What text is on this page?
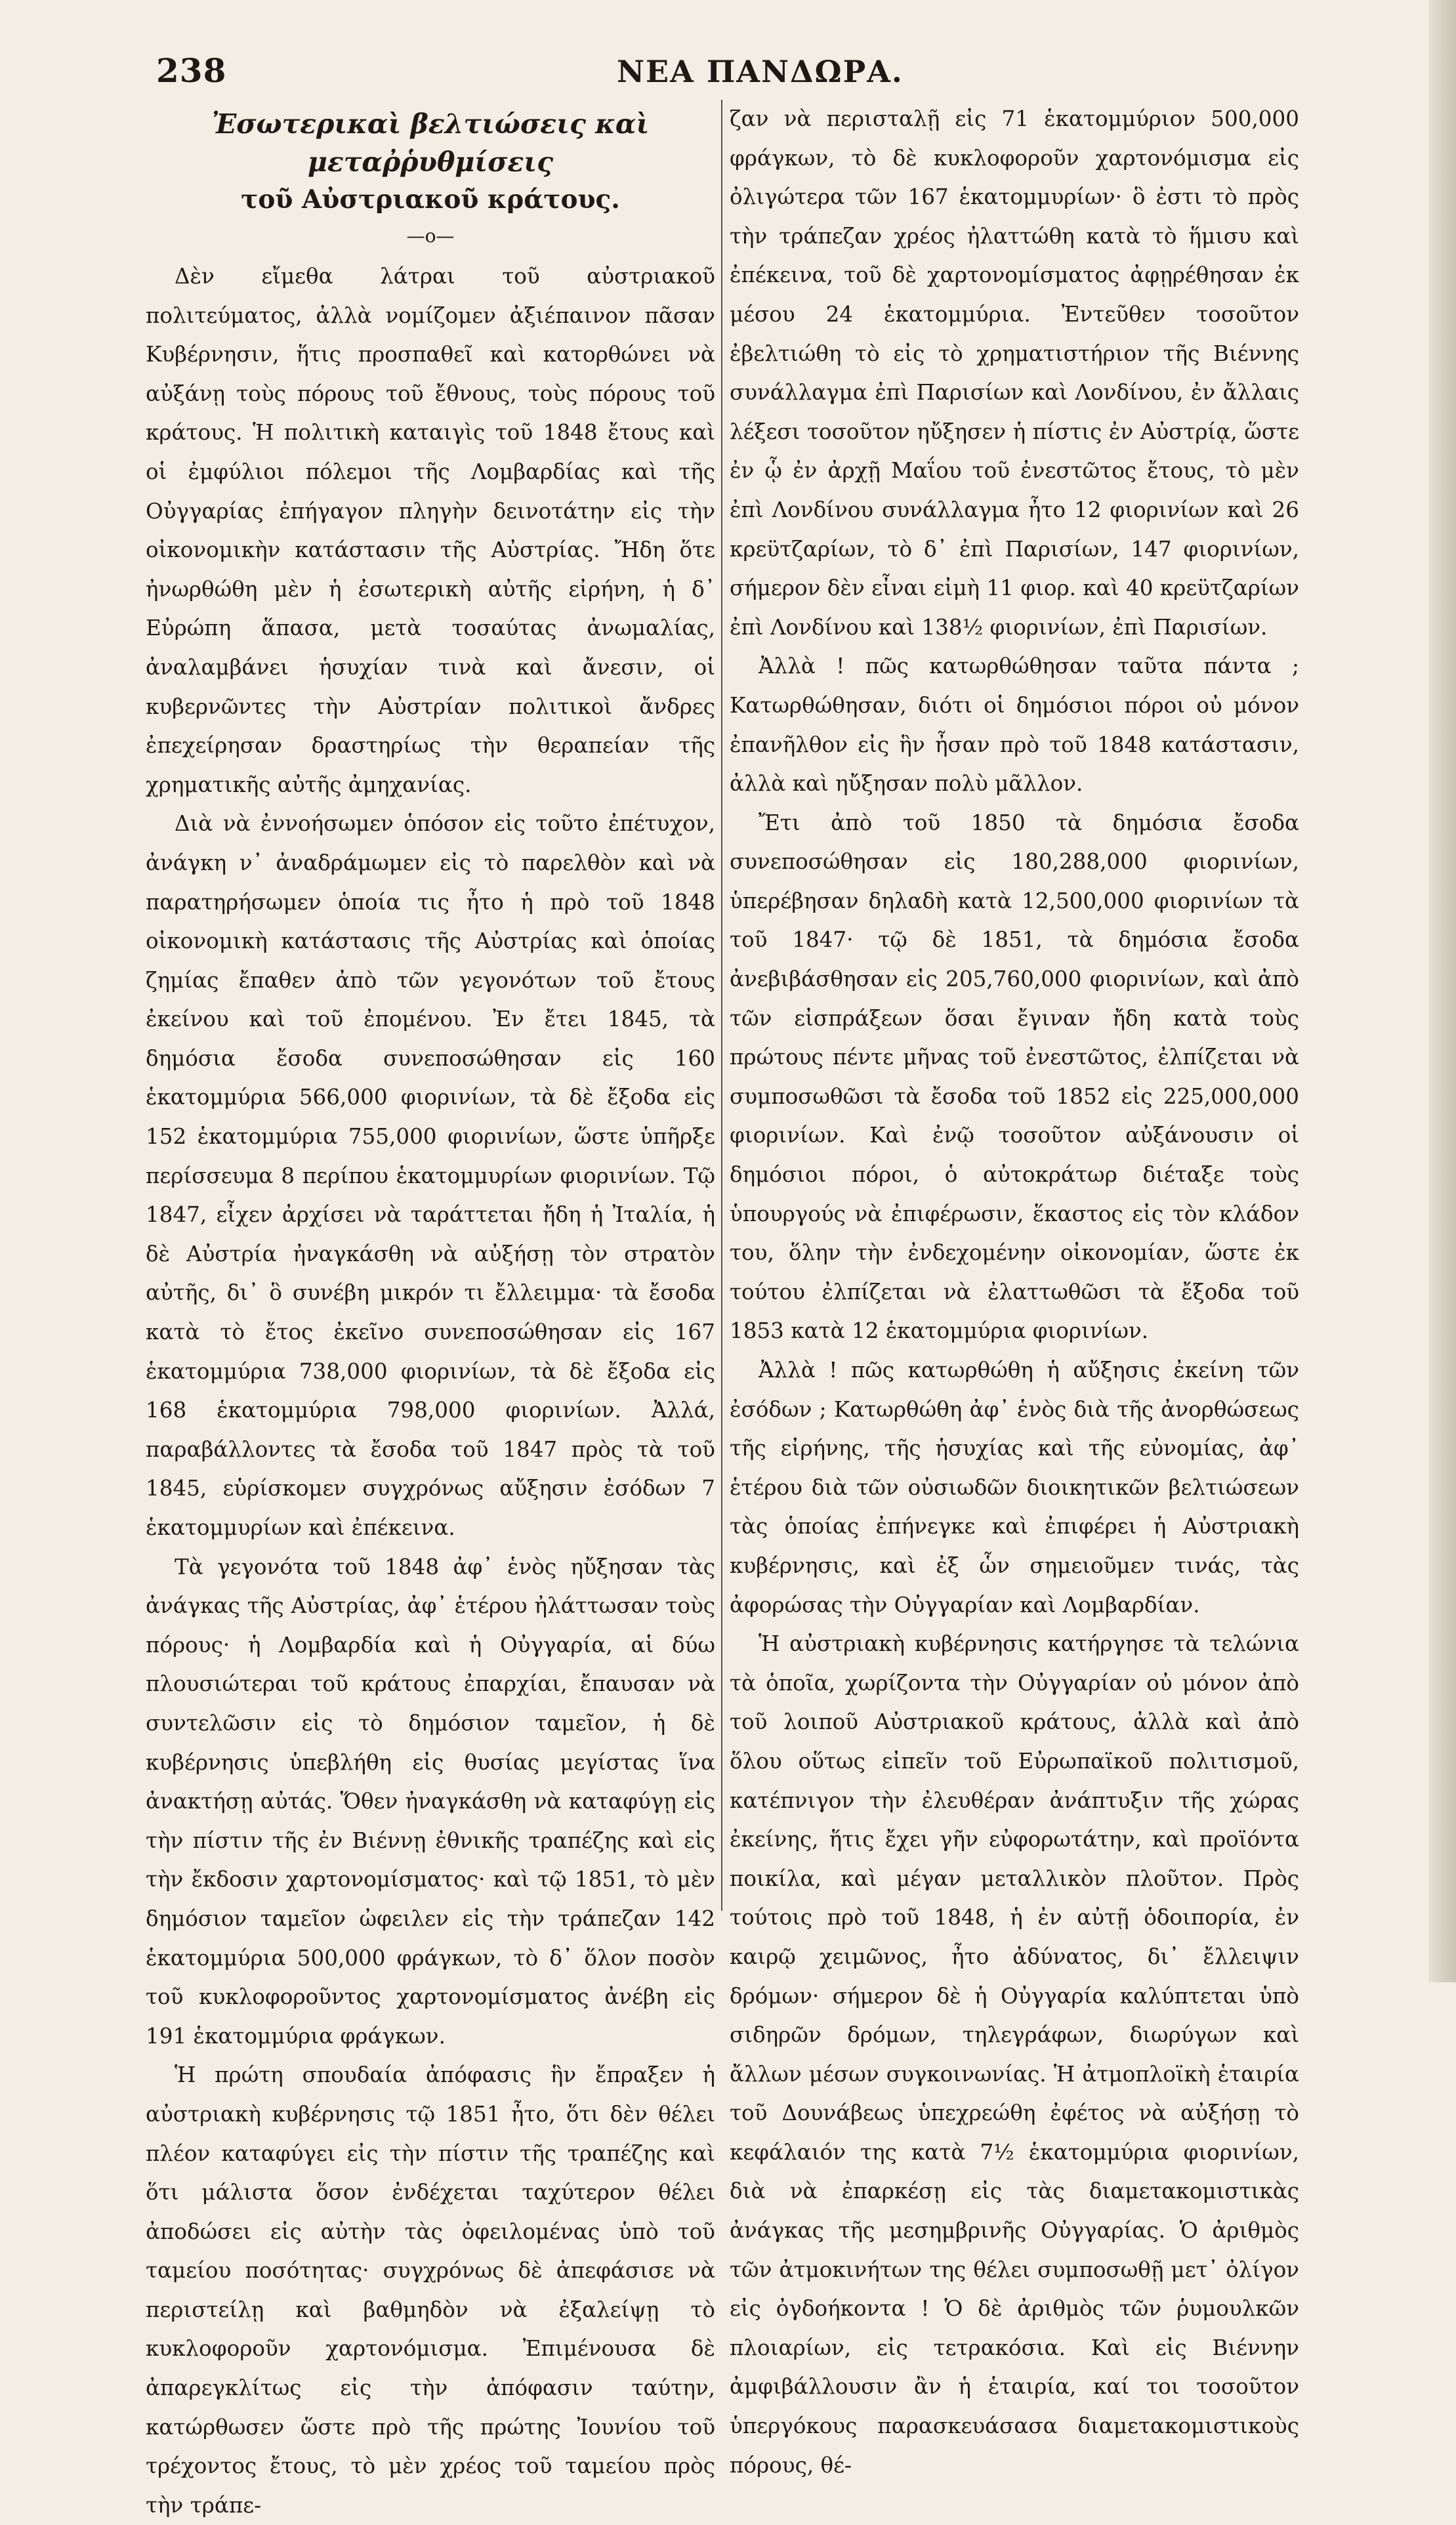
238	ΝΕΑ ΠΑΝΔΩΡΑ.
Ἐσωτερικαὶ βελτιώσεις καὶ μεταῤῥυθμίσεις
τοῦ Αὐστριακοῦ κράτους.
—ο—

Δὲν εἴμεθα λάτραι τοῦ αὐστριακοῦ πολιτεύματος, ἀλλὰ νομίζομεν ἀξιέπαινον πᾶσαν Κυβέρνησιν, ἥτις προσπαθεῖ καὶ κατορθώνει νὰ αὐξάνῃ τοὺς πόρους τοῦ ἔθνους, τοὺς πόρους τοῦ κράτους. Ἡ πολιτικὴ καταιγὶς τοῦ 1848 ἔτους καὶ οἱ ἐμφύλιοι πόλεμοι τῆς Λομβαρδίας καὶ τῆς Οὐγγαρίας ἐπήγαγον πληγὴν δεινοτάτην εἰς τὴν οἰκονομικὴν κατάστασιν τῆς Αὐστρίας. Ἤδη ὅτε ἠνωρθώθη μὲν ἡ ἐσωτερικὴ αὐτῆς εἰρήνη, ἡ δ᾽ Εὐρώπη ἅπασα, μετὰ τοσαύτας ἀνωμαλίας, ἀναλαμβάνει ἡσυχίαν τινὰ καὶ ἄνεσιν, οἱ κυβερνῶντες τὴν Αὐστρίαν πολιτικοὶ ἄνδρες ἐπεχείρησαν δραστηρίως τὴν θεραπείαν τῆς χρηματικῆς αὐτῆς ἀμηχανίας.

Διὰ νὰ ἐννοήσωμεν ὁπόσον εἰς τοῦτο ἐπέτυχον, ἀνάγκη ν᾽ ἀναδράμωμεν εἰς τὸ παρελθὸν καὶ νὰ παρατηρήσωμεν ὁποία τις ἦτο ἡ πρὸ τοῦ 1848 οἰκονομικὴ κατάστασις τῆς Αὐστρίας καὶ ὁποίας ζημίας ἔπαθεν ἀπὸ τῶν γεγονότων τοῦ ἔτους ἐκείνου καὶ τοῦ ἐπομένου. Ἐν ἔτει 1845, τὰ δημόσια ἔσοδα συνεποσώθησαν εἰς 160 ἑκατομμύρια 566,000 φιορινίων, τὰ δὲ ἔξοδα εἰς 152 ἑκατομμύρια 755,000 φιορινίων, ὥστε ὑπῆρξε περίσσευμα 8 περίπου ἑκατομμυρίων φιορινίων. Τῷ 1847, εἶχεν ἀρχίσει νὰ ταράττεται ἤδη ἡ Ἰταλία, ἡ δὲ Αὐστρία ἠναγκάσθη νὰ αὐξήσῃ τὸν στρατὸν αὐτῆς, δι᾽ ὃ συνέβη μικρόν τι ἔλλειμμα· τὰ ἔσοδα κατὰ τὸ ἔτος ἐκεῖνο συνεποσώθησαν εἰς 167 ἑκατομμύρια 738,000 φιορινίων, τὰ δὲ ἔξοδα εἰς 168 ἑκατομμύρια 798,000 φιορινίων. Ἀλλά, παραβάλλοντες τὰ ἔσοδα τοῦ 1847 πρὸς τὰ τοῦ 1845, εὑρίσκομεν συγχρόνως αὔξησιν ἐσόδων 7 ἑκατομμυρίων καὶ ἐπέκεινα.

Τὰ γεγονότα τοῦ 1848 ἀφ᾽ ἑνὸς ηὔξησαν τὰς ἀνάγκας τῆς Αὐστρίας, ἀφ᾽ ἑτέρου ἠλάττωσαν τοὺς πόρους· ἡ Λομβαρδία καὶ ἡ Οὐγγαρία, αἱ δύω πλουσιώτεραι τοῦ κράτους ἐπαρχίαι, ἔπαυσαν νὰ συντελῶσιν εἰς τὸ δημόσιον ταμεῖον, ἡ δὲ κυβέρνησις ὑπεβλήθη εἰς θυσίας μεγίστας ἵνα ἀνακτήσῃ αὐτάς. Ὅθεν ἠναγκάσθη νὰ καταφύγῃ εἰς τὴν πίστιν τῆς ἐν Βιέννῃ ἐθνικῆς τραπέζης καὶ εἰς τὴν ἔκδοσιν χαρτονομίσματος· καὶ τῷ 1851, τὸ μὲν δημόσιον ταμεῖον ὠφειλεν εἰς τὴν τράπεζαν 142 ἑκατομμύρια 500,000 φράγκων, τὸ δ᾽ ὅλον ποσὸν τοῦ κυκλοφοροῦντος χαρτονομίσματος ἀνέβη εἰς 191 ἑκατομμύρια φράγκων.

Ἡ πρώτη σπουδαία ἀπόφασις ἣν ἔπραξεν ἡ αὐστριακὴ κυβέρνησις τῷ 1851 ἦτο, ὅτι δὲν θέλει πλέον καταφύγει εἰς τὴν πίστιν τῆς τραπέζης καὶ ὅτι μάλιστα ὅσον ἐνδέχεται ταχύτερον θέλει ἀποδώσει εἰς αὐτὴν τὰς ὀφειλομένας ὑπὸ τοῦ ταμείου ποσότητας· συγχρόνως δὲ ἀπεφάσισε νὰ περιστείλῃ καὶ βαθμηδὸν νὰ ἐξαλείψῃ τὸ κυκλοφοροῦν χαρτονόμισμα. Ἐπιμένουσα δὲ ἀπαρεγκλίτως εἰς τὴν ἀπόφασιν ταύτην, κατώρθωσεν ὥστε πρὸ τῆς πρώτης Ἰουνίου τοῦ τρέχοντος ἔτους, τὸ μὲν χρέος τοῦ ταμείου πρὸς τὴν τράπε-

ζαν νὰ περισταλῇ εἰς 71 ἑκατομμύριον 500,000 φράγκων, τὸ δὲ κυκλοφοροῦν χαρτονόμισμα εἰς ὀλιγώτερα τῶν 167 ἑκατομμυρίων· ὃ ἐστι τὸ πρὸς τὴν τράπεζαν χρέος ἠλαττώθη κατὰ τὸ ἥμισυ καὶ ἐπέκεινα, τοῦ δὲ χαρτονομίσματος ἀφῃρέθησαν ἐκ μέσου 24 ἑκατομμύρια. Ἐντεῦθεν τοσοῦτον ἐβελτιώθη τὸ εἰς τὸ χρηματιστήριον τῆς Βιέννης συνάλλαγμα ἐπὶ Παρισίων καὶ Λονδίνου, ἐν ἄλλαις λέξεσι τοσοῦτον ηὔξησεν ἡ πίστις ἐν Αὐστρίᾳ, ὥστε ἐν ᾧ ἐν ἀρχῇ Μαΐου τοῦ ἐνεστῶτος ἔτους, τὸ μὲν ἐπὶ Λονδίνου συνάλλαγμα ἦτο 12 φιορινίων καὶ 26 κρεϋτζαρίων, τὸ δ᾽ ἐπὶ Παρισίων, 147 φιορινίων, σήμερον δὲν εἶναι εἰμὴ 11 φιορ. καὶ 40 κρεϋτζαρίων ἐπὶ Λονδίνου καὶ 138½ φιορινίων, ἐπὶ Παρισίων.

Ἀλλὰ ! πῶς κατωρθώθησαν ταῦτα πάντα ; Κατωρθώθησαν, διότι οἱ δημόσιοι πόροι οὐ μόνον ἐπανῆλθον εἰς ἣν ἦσαν πρὸ τοῦ 1848 κατάστασιν, ἀλλὰ καὶ ηὔξησαν πολὺ μᾶλλον.

Ἔτι ἀπὸ τοῦ 1850 τὰ δημόσια ἔσοδα συνεποσώθησαν εἰς 180,288,000 φιορινίων, ὑπερέβησαν δηλαδὴ κατὰ 12,500,000 φιορινίων τὰ τοῦ 1847· τῷ δὲ 1851, τὰ δημόσια ἔσοδα ἀνεβιβάσθησαν εἰς 205,760,000 φιορινίων, καὶ ἀπὸ τῶν εἰσπράξεων ὅσαι ἔγιναν ἤδη κατὰ τοὺς πρώτους πέντε μῆνας τοῦ ἐνεστῶτος, ἐλπίζεται νὰ συμποσωθῶσι τὰ ἔσοδα τοῦ 1852 εἰς 225,000,000 φιορινίων. Καὶ ἐνῷ τοσοῦτον αὐξάνουσιν οἱ δημόσιοι πόροι, ὁ αὐτοκράτωρ διέταξε τοὺς ὑπουργούς νὰ ἐπιφέρωσιν, ἕκαστος εἰς τὸν κλάδον του, ὅλην τὴν ἐνδεχομένην οἰκονομίαν, ὥστε ἐκ τούτου ἐλπίζεται νὰ ἐλαττωθῶσι τὰ ἔξοδα τοῦ 1853 κατὰ 12 ἑκατομμύρια φιορινίων.

Ἀλλὰ ! πῶς κατωρθώθη ἡ αὔξησις ἐκείνη τῶν ἐσόδων ; Κατωρθώθη ἀφ᾽ ἑνὸς διὰ τῆς ἀνορθώσεως τῆς εἰρήνης, τῆς ἡσυχίας καὶ τῆς εὐνομίας, ἀφ᾽ ἑτέρου διὰ τῶν οὐσιωδῶν διοικητικῶν βελτιώσεων τὰς ὁποίας ἐπήνεγκε καὶ ἐπιφέρει ἡ Αὐστριακὴ κυβέρνησις, καὶ ἐξ ὧν σημειοῦμεν τινάς, τὰς ἀφορώσας τὴν Οὐγγαρίαν καὶ Λομβαρδίαν.

Ἡ αὐστριακὴ κυβέρνησις κατήργησε τὰ τελώνια τὰ ὁποῖα, χωρίζοντα τὴν Οὐγγαρίαν οὐ μόνον ἀπὸ τοῦ λοιποῦ Αὐστριακοῦ κράτους, ἀλλὰ καὶ ἀπὸ ὅλου οὕτως εἰπεῖν τοῦ Εὐρωπαϊκοῦ πολιτισμοῦ, κατέπνιγον τὴν ἐλευθέραν ἀνάπτυξιν τῆς χώρας ἐκείνης, ἥτις ἔχει γῆν εὐφορωτάτην, καὶ προϊόντα ποικίλα, καὶ μέγαν μεταλλικὸν πλοῦτον. Πρὸς τούτοις πρὸ τοῦ 1848, ἡ ἐν αὐτῇ ὁδοιπορία, ἐν καιρῷ χειμῶνος, ἦτο ἀδύνατος, δι᾽ ἔλλειψιν δρόμων· σήμερον δὲ ἡ Οὐγγαρία καλύπτεται ὑπὸ σιδηρῶν δρόμων, τηλεγράφων, διωρύγων καὶ ἄλλων μέσων συγκοινωνίας. Ἡ ἀτμοπλοϊκὴ ἑταιρία τοῦ Δουνάβεως ὑπεχρεώθη ἐφέτος νὰ αὐξήσῃ τὸ κεφάλαιόν της κατὰ 7½ ἑκατομμύρια φιορινίων, διὰ νὰ ἐπαρκέσῃ εἰς τὰς διαμετακομιστικὰς ἀνάγκας τῆς μεσημβρινῆς Οὐγγαρίας. Ὁ ἀριθμὸς τῶν ἀτμοκινήτων της θέλει συμποσωθῇ μετ᾽ ὀλίγον εἰς ὀγδοήκοντα ! Ὁ δὲ ἀριθμὸς τῶν ῥυμουλκῶν πλοιαρίων, εἰς τετρακόσια. Καὶ εἰς Βιέννην ἀμφιβάλλουσιν ἂν ἡ ἑταιρία, καί τοι τοσοῦτον ὑπεργόκους παρασκευάσασα διαμετακομιστικοὺς πόρους, θέ-
